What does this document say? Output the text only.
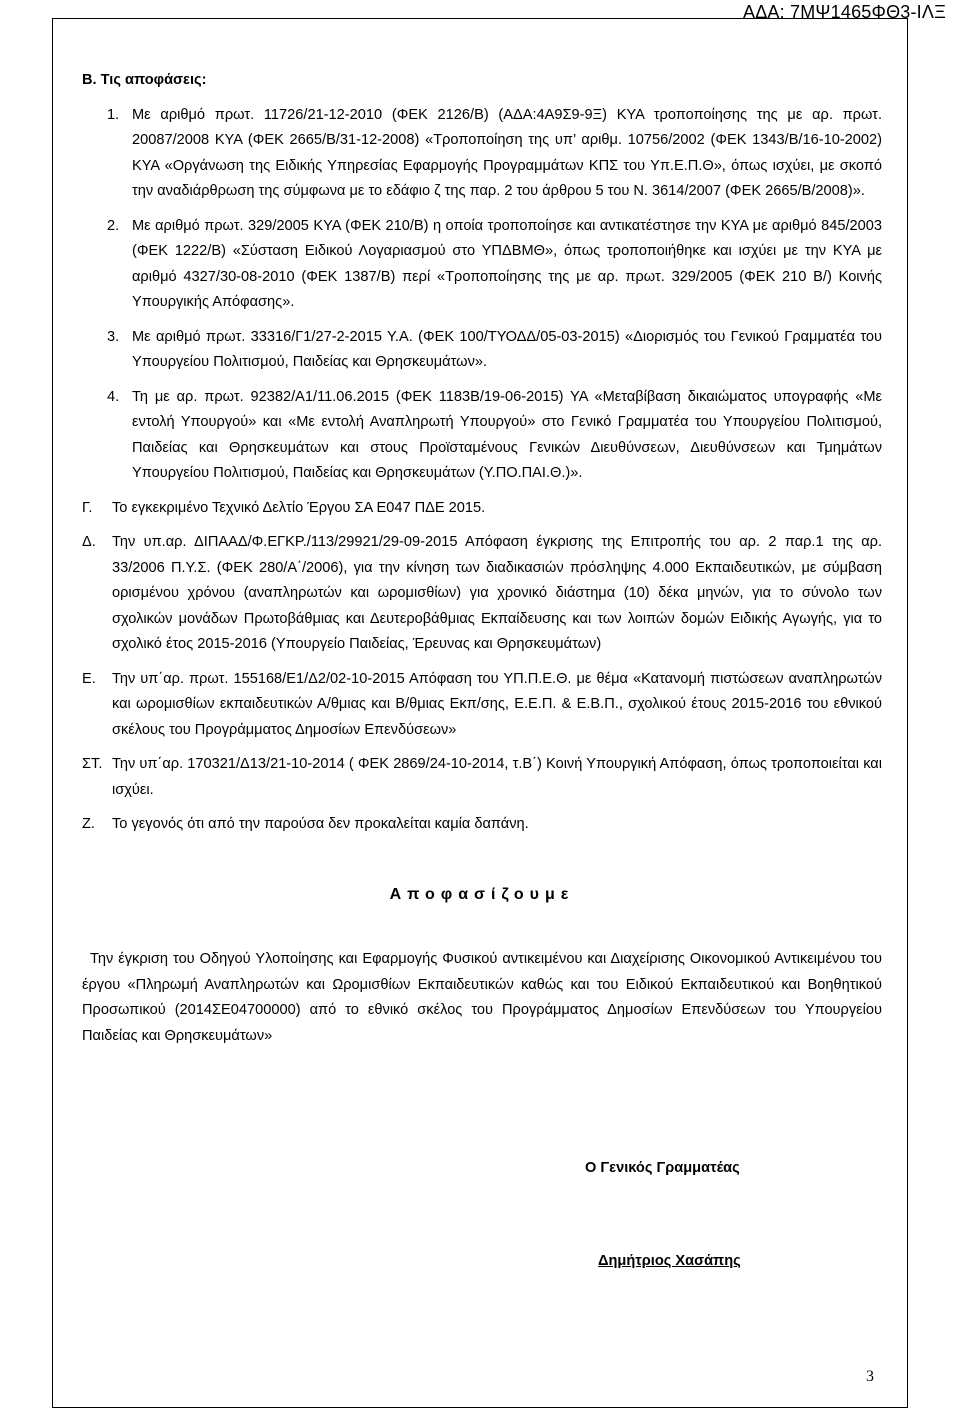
ΑΔΑ: 7ΜΨ1465ΦΘ3-ΙΛΞ
Β. Τις αποφάσεις:
1. Με αριθμό πρωτ. 11726/21-12-2010 (ΦΕΚ 2126/Β) (ΑΔΑ:4Α9Σ9-9Ξ) ΚΥΑ τροποποίησης της με αρ. πρωτ. 20087/2008 ΚΥΑ (ΦΕΚ 2665/Β/31-12-2008) «Τροποποίηση της υπ’ αριθμ. 10756/2002 (ΦΕΚ 1343/Β/16-10-2002) ΚΥΑ «Οργάνωση της Ειδικής Υπηρεσίας Εφαρμογής Προγραμμάτων ΚΠΣ του Υπ.Ε.Π.Θ», όπως ισχύει, με σκοπό την αναδιάρθρωση της σύμφωνα με το εδάφιο ζ της παρ. 2 του άρθρου 5 του Ν. 3614/2007 (ΦΕΚ 2665/Β/2008)».
2. Με αριθμό πρωτ. 329/2005 ΚΥΑ (ΦΕΚ 210/Β) η οποία τροποποίησε και αντικατέστησε την ΚΥΑ με αριθμό 845/2003 (ΦΕΚ 1222/Β) «Σύσταση Ειδικού Λογαριασμού στο ΥΠΔΒΜΘ», όπως τροποποιήθηκε και ισχύει με την ΚΥΑ με αριθμό 4327/30-08-2010 (ΦΕΚ 1387/Β) περί «Τροποποίησης της με αρ. πρωτ. 329/2005 (ΦΕΚ 210 Β/) Κοινής Υπουργικής Απόφασης».
3. Με αριθμό πρωτ. 33316/Γ1/27-2-2015 Υ.Α. (ΦΕΚ 100/ΤΥΟΔΔ/05-03-2015) «Διορισμός του Γενικού Γραμματέα του Υπουργείου Πολιτισμού, Παιδείας και Θρησκευμάτων».
4. Τη με αρ. πρωτ. 92382/Α1/11.06.2015 (ΦΕΚ 1183Β/19-06-2015) ΥΑ «Μεταβίβαση δικαιώματος υπογραφής «Με εντολή Υπουργού» και «Με εντολή Αναπληρωτή Υπουργού» στο Γενικό Γραμματέα του Υπουργείου Πολιτισμού, Παιδείας και Θρησκευμάτων και στους Προϊσταμένους Γενικών Διευθύνσεων, Διευθύνσεων και Τμημάτων Υπουργείου Πολιτισμού, Παιδείας και Θρησκευμάτων (Υ.ΠΟ.ΠΑΙ.Θ.)».
Γ. Το εγκεκριμένο Τεχνικό Δελτίο Έργου ΣΑ Ε047 ΠΔΕ 2015.
Δ. Την υπ.αρ. ΔΙΠΑΑΔ/Φ.ΕΓΚΡ./113/29921/29-09-2015 Απόφαση έγκρισης της Επιτροπής του αρ. 2 παρ.1 της αρ. 33/2006 Π.Υ.Σ. (ΦΕΚ 280/Α΄/2006), για την κίνηση των διαδικασιών πρόσληψης 4.000 Εκπαιδευτικών, με σύμβαση ορισμένου χρόνου (αναπληρωτών και ωρομισθίων) για χρονικό διάστημα (10) δέκα μηνών, για το σύνολο των σχολικών μονάδων Πρωτοβάθμιας και Δευτεροβάθμιας Εκπαίδευσης και των λοιπών δομών Ειδικής Αγωγής, για το σχολικό έτος 2015-2016 (Υπουργείο Παιδείας, Έρευνας και Θρησκευμάτων)
Ε. Την υπ΄αρ. πρωτ. 155168/Ε1/Δ2/02-10-2015 Απόφαση του ΥΠ.Π.Ε.Θ. με θέμα «Κατανομή πιστώσεων αναπληρωτών και ωρομισθίων εκπαιδευτικών Α/θμιας και Β/θμιας Εκπ/σης, Ε.Ε.Π. & Ε.Β.Π., σχολικού έτους 2015-2016 του εθνικού σκέλους του Προγράμματος Δημοσίων Επενδύσεων»
ΣΤ. Την υπ΄αρ. 170321/Δ13/21-10-2014 ( ΦΕΚ 2869/24-10-2014, τ.Β΄) Κοινή Υπουργική Απόφαση, όπως τροποποιείται και ισχύει.
Ζ. Το γεγονός ότι από την παρούσα δεν προκαλείται καμία δαπάνη.
Αποφασίζουμε
Την έγκριση του Οδηγού Υλοποίησης και Εφαρμογής Φυσικού αντικειμένου και Διαχείρισης Οικονομικού Αντικειμένου του έργου «Πληρωμή Αναπληρωτών και Ωρομισθίων Εκπαιδευτικών καθώς και του Ειδικού Εκπαιδευτικού και Βοηθητικού Προσωπικού (2014ΣΕ04700000) από το εθνικό σκέλος του Προγράμματος Δημοσίων Επενδύσεων του Υπουργείου Παιδείας και Θρησκευμάτων»
Ο Γενικός Γραμματέας
Δημήτριος Χασάπης
3
